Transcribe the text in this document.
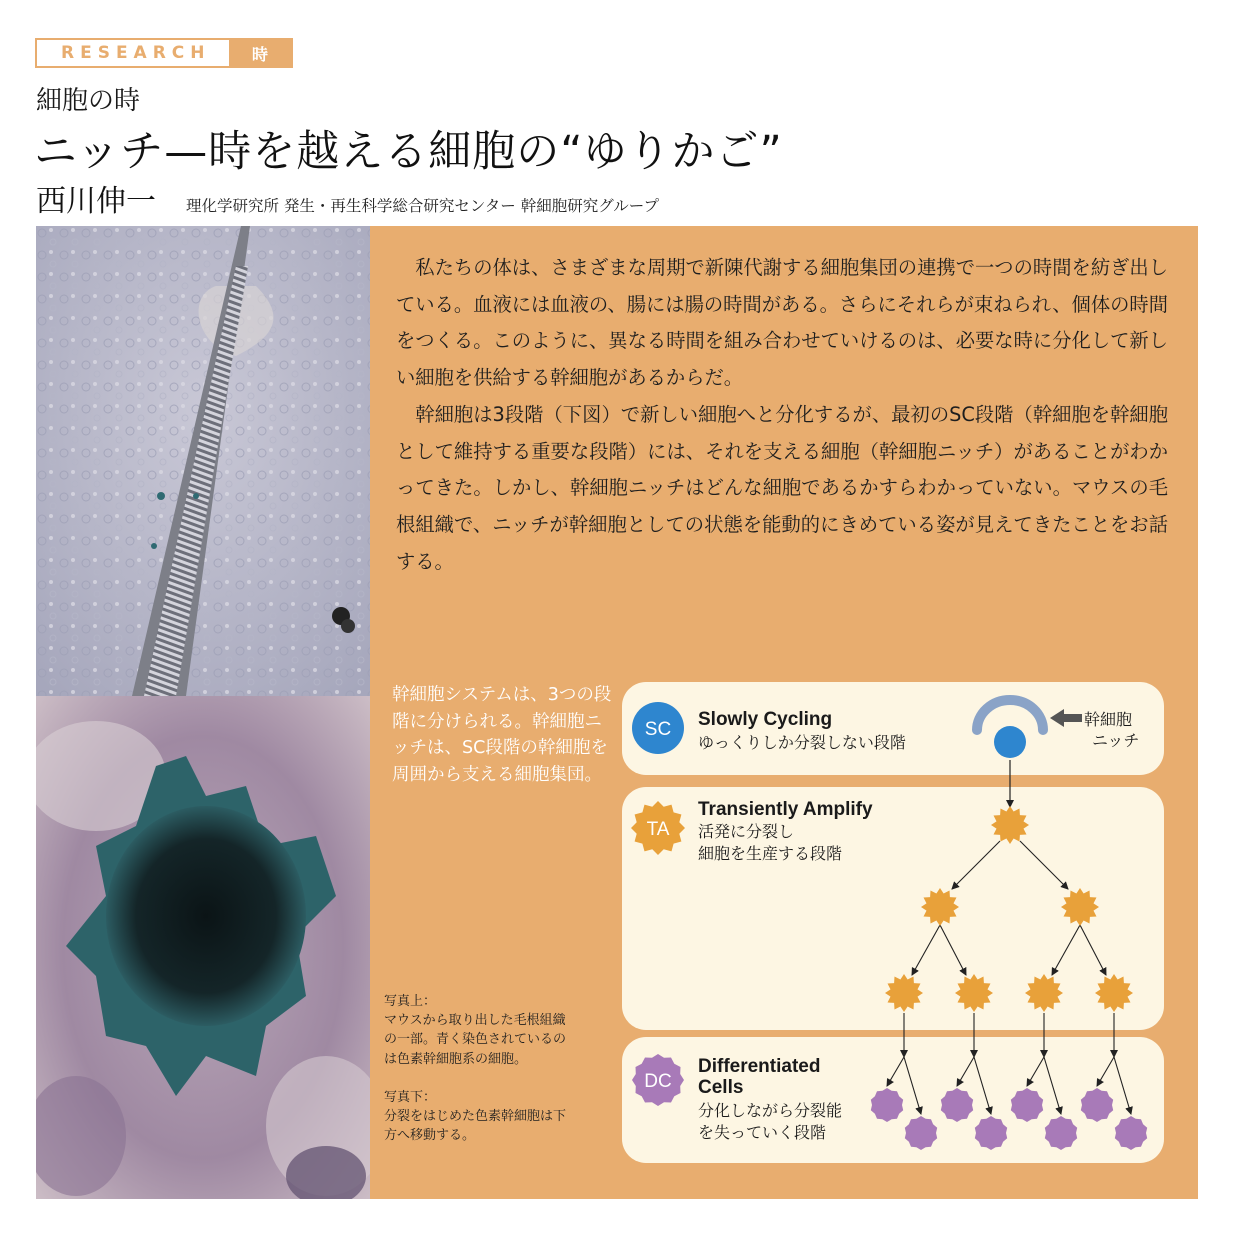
RESEARCH	時
細胞の時
ニッチ—時を越える細胞の“ゆりかご”
西川伸一 理化学研究所 発生・再生科学総合研究センター 幹細胞研究グループ

私たちの体は、さまざまな周期で新陳代謝する細胞集団の連携で一つの時間を紡ぎ出している。血液には血液の、腸には腸の時間がある。さらにそれらが束ねられ、個体の時間をつくる。このように、異なる時間を組み合わせていけるのは、必要な時に分化して新しい細胞を供給する幹細胞があるからだ。

幹細胞は3段階（下図）で新しい細胞へと分化するが、最初のSC段階（幹細胞を幹細胞として維持する重要な段階）には、それを支える細胞（幹細胞ニッチ）があることがわかってきた。しかし、幹細胞ニッチはどんな細胞であるかすらわかっていない。マウスの毛根組織で、ニッチが幹細胞としての状態を能動的にきめている姿が見えてきたことをお話する。

幹細胞システムは、3つの段階に分けられる。幹細胞ニッチは、SC段階の幹細胞を周囲から支える細胞集団。

写真上：
マウスから取り出した毛根組織の一部。青く染色されているのは色素幹細胞系の細胞。

写真下：
分裂をはじめた色素幹細胞は下方へ移動する。

SC Slowly Cycling
ゆっくりしか分裂しない段階
幹細胞
ニッチ
TA
Transiently Amplify
活発に分裂し
細胞を生産する段階
DC
Differentiated
Cells
分化しながら分裂能
を失っていく段階
